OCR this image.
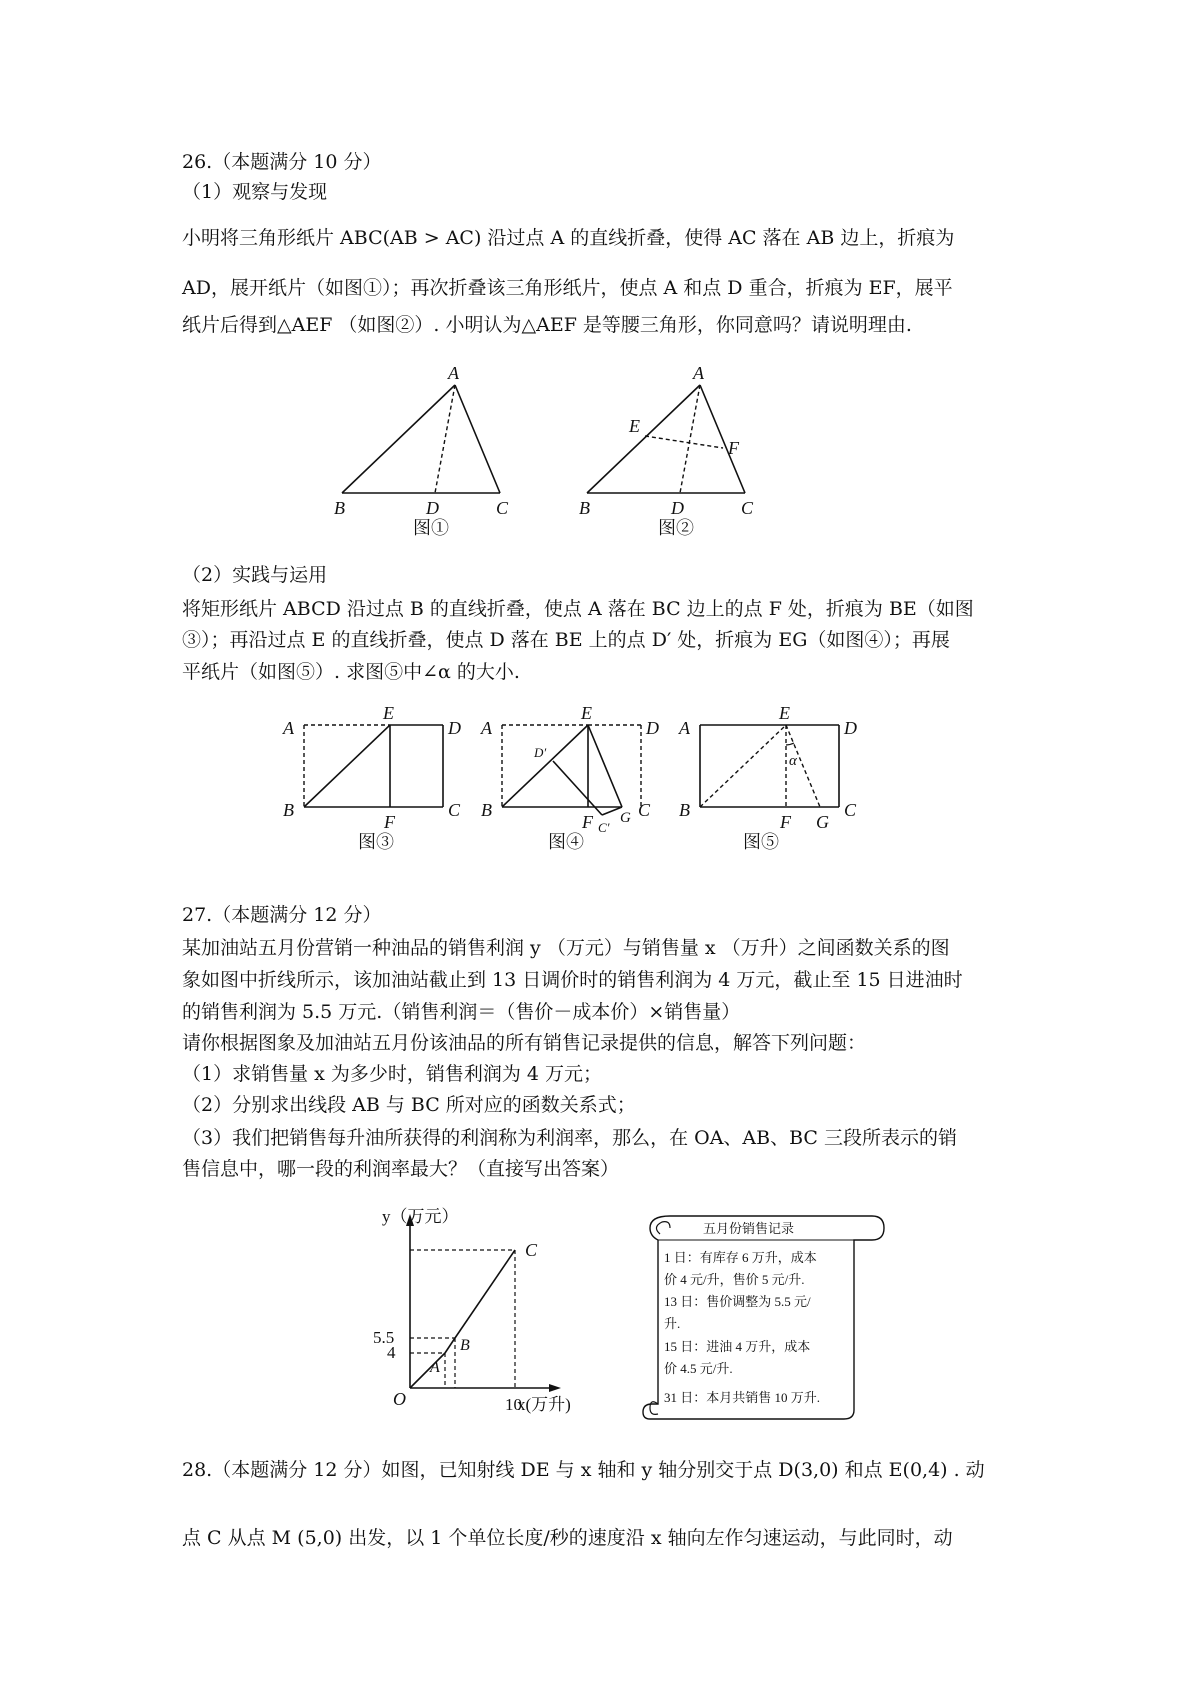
26.（本题满分 10 分）
（1）观察与发现
小明将三角形纸片 ABC(AB > AC) 沿过点 A 的直线折叠，使得 AC 落在 AB 边上，折痕为
AD，展开纸片（如图①）；再次折叠该三角形纸片，使点 A 和点 D 重合，折痕为 EF，展平
纸片后得到△AEF （如图②）. 小明认为△AEF 是等腰三角形，你同意吗？请说明理由.
A
B	D	C
图①
A
E
F
B	D	C
图②
（2）实践与运用
将矩形纸片 ABCD 沿过点 B 的直线折叠，使点 A 落在 BC 边上的点 F 处，折痕为 BE（如图
③）；再沿过点 E 的直线折叠，使点 D 落在 BE 上的点 D′ 处，折痕为 EG（如图④）；再展
平纸片（如图⑤）. 求图⑤中∠α 的大小.
A
E
D
B	C
F
图③
A
E
D
D′
B
F G C
C′
图④
A
E
D
α
B
F G
C
图⑤
27.（本题满分 12 分）
某加油站五月份营销一种油品的销售利润 y （万元）与销售量 x （万升）之间函数关系的图
象如图中折线所示，该加油站截止到 13 日调价时的销售利润为 4 万元，截止至 15 日进油时
的销售利润为 5.5 万元.（销售利润＝（售价－成本价）×销售量）
请你根据图象及加油站五月份该油品的所有销售记录提供的信息，解答下列问题：
（1）求销售量 x 为多少时，销售利润为 4 万元；
（2）分别求出线段 AB 与 BC 所对应的函数关系式；
（3）我们把销售每升油所获得的利润称为利润率，那么，在 OA、AB、BC 三段所表示的销
售信息中，哪一段的利润率最大？（直接写出答案）
y（万元）
x(万升)
O
5.5
4
10
A
B
C
五月份销售记录
1 日：有库存 6 万升，成本
价 4 元/升，售价 5 元/升.
13 日：售价调整为 5.5 元/
升.
15 日：进油 4 万升，成本
价 4.5 元/升.
31 日：本月共销售 10 万升.
28.（本题满分 12 分）如图，已知射线 DE 与 x 轴和 y 轴分别交于点 D(3,0) 和点 E(0,4) . 动
点 C 从点 M (5,0) 出发，以 1 个单位长度/秒的速度沿 x 轴向左作匀速运动，与此同时，动
